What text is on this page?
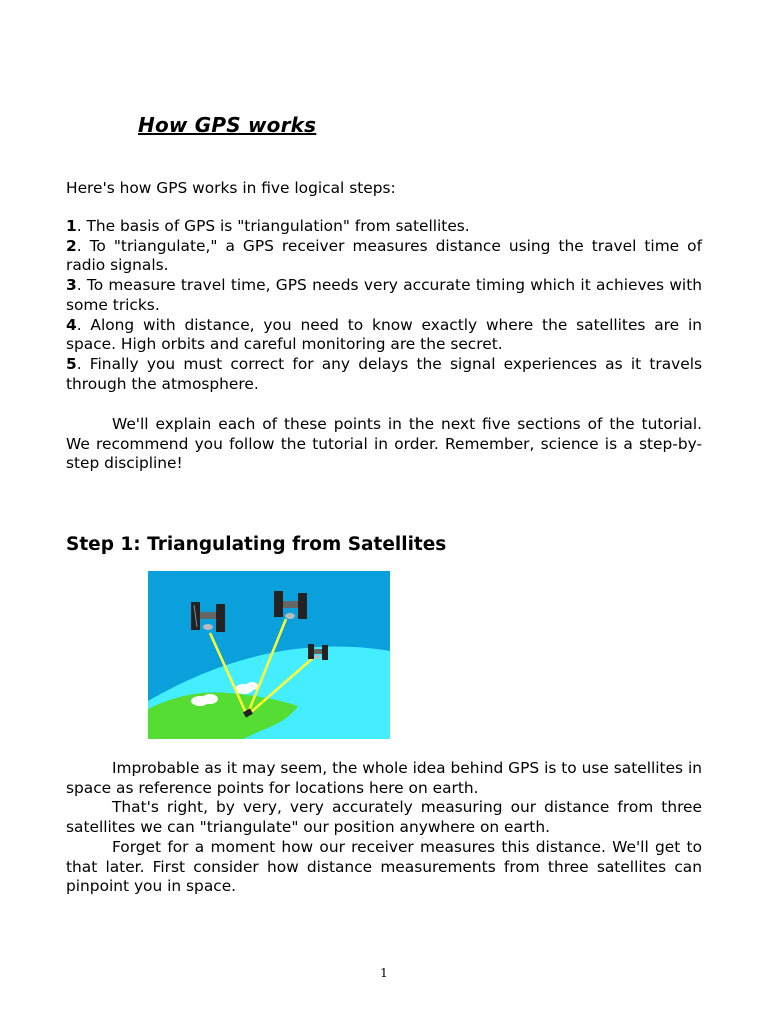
How GPS works
Here's how GPS works in five logical steps:

1. The basis of GPS is "triangulation" from satellites.

2. To "triangulate," a GPS receiver measures distance using the travel time of radio signals.

3. To measure travel time, GPS needs very accurate timing which it achieves with some tricks.

4. Along with distance, you need to know exactly where the satellites are in space. High orbits and careful monitoring are the secret.

5. Finally you must correct for any delays the signal experiences as it travels through the atmosphere.

We'll explain each of these points in the next five sections of the tutorial. We recommend you follow the tutorial in order. Remember, science is a step-by-step discipline!

Step 1: Triangulating from Satellites

Improbable as it may seem, the whole idea behind GPS is to use satellites in space as reference points for locations here on earth.

That's right, by very, very accurately measuring our distance from three satellites we can "triangulate" our position anywhere on earth.

Forget for a moment how our receiver measures this distance. We'll get to that later. First consider how distance measurements from three satellites can pinpoint you in space.

1
